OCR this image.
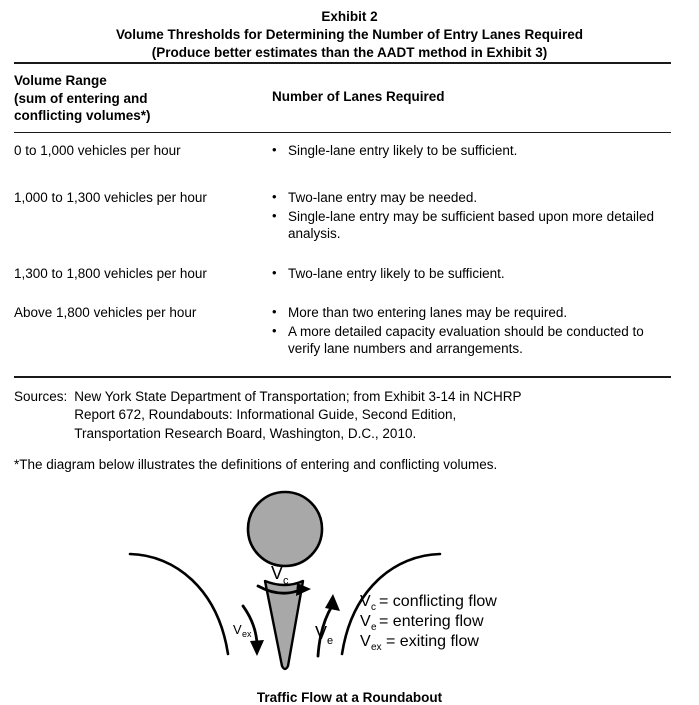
Exhibit 2
Volume Thresholds for Determining the Number of Entry Lanes Required
(Produce better estimates than the AADT method in Exhibit 3)
Volume Range
(sum of entering and
conflicting volumes*)
Number of Lanes Required
0 to 1,000 vehicles per hour	• Single-lane entry likely to be sufficient.
1,000 to 1,300 vehicles per hour	• Two-lane entry may be needed.
• Single-lane entry may be sufficient based upon more detailed analysis.
1,300 to 1,800 vehicles per hour	• Two-lane entry likely to be sufficient.
Above 1,800 vehicles per hour	• More than two entering lanes may be required.
• A more detailed capacity evaluation should be conducted to verify lane numbers and arrangements.
Sources: New York State Department of Transportation; from Exhibit 3-14 in NCHRP
Report 672, Roundabouts: Informational Guide, Second Edition,
Transportation Research Board, Washington, D.C., 2010.
*The diagram below illustrates the definitions of entering and conflicting volumes.
V c
V ex	V e
V c = conflicting flow
V e = entering flow
V ex = exiting flow
Traffic Flow at a Roundabout
